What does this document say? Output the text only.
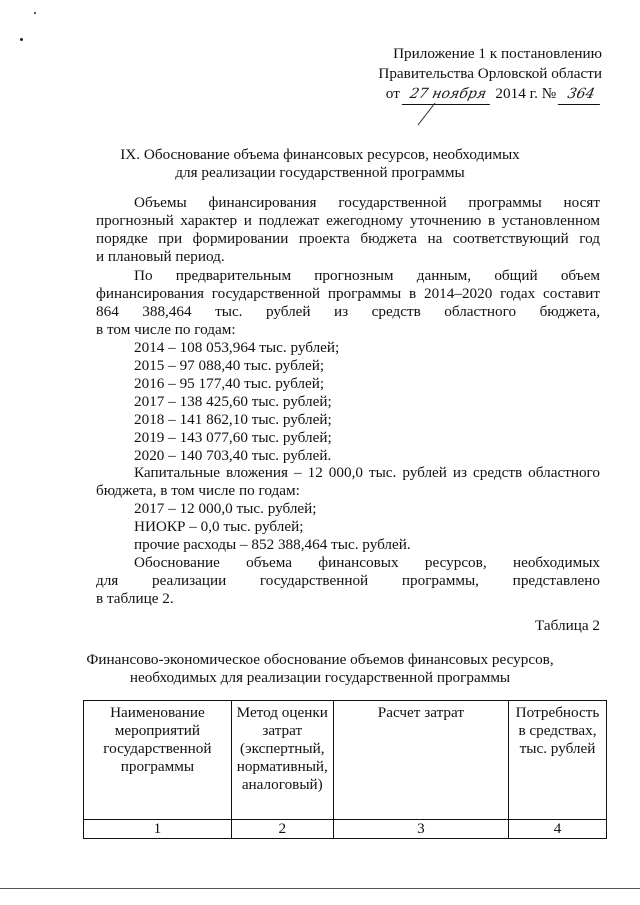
Приложение 1 к постановлению
Правительства Орловской области
от 27 ноября 2014 г. № 364
IX. Обоснование объема финансовых ресурсов, необходимых
для реализации государственной программы
Объемы финансирования государственной программы носят
прогнозный характер и подлежат ежегодному уточнению в установленном
порядке при формировании проекта бюджета на соответствующий год
и плановый период.
По предварительным прогнозным данным, общий объем
финансирования государственной программы в 2014–2020 годах составит
864 388,464 тыс. рублей из средств областного бюджета,
в том числе по годам:
2014 – 108 053,964 тыс. рублей;
2015 – 97 088,40 тыс. рублей;
2016 – 95 177,40 тыс. рублей;
2017 – 138 425,60 тыс. рублей;
2018 – 141 862,10 тыс. рублей;
2019 – 143 077,60 тыс. рублей;
2020 – 140 703,40 тыс. рублей.
Капитальные вложения – 12 000,0 тыс. рублей из средств областного
бюджета, в том числе по годам:
2017 – 12 000,0 тыс. рублей;
НИОКР – 0,0 тыс. рублей;
прочие расходы – 852 388,464 тыс. рублей.
Обоснование объема финансовых ресурсов, необходимых
для реализации государственной программы, представлено
в таблице 2.
Таблица 2
Финансово-экономическое обоснование объемов финансовых ресурсов,
необходимых для реализации государственной программы
Наименование мероприятий государственной программы	Метод оценки затрат (экспертный, нормативный, аналоговый)	Расчет затрат	Потребность в средствах, тыс. рублей
1	2	3	4
